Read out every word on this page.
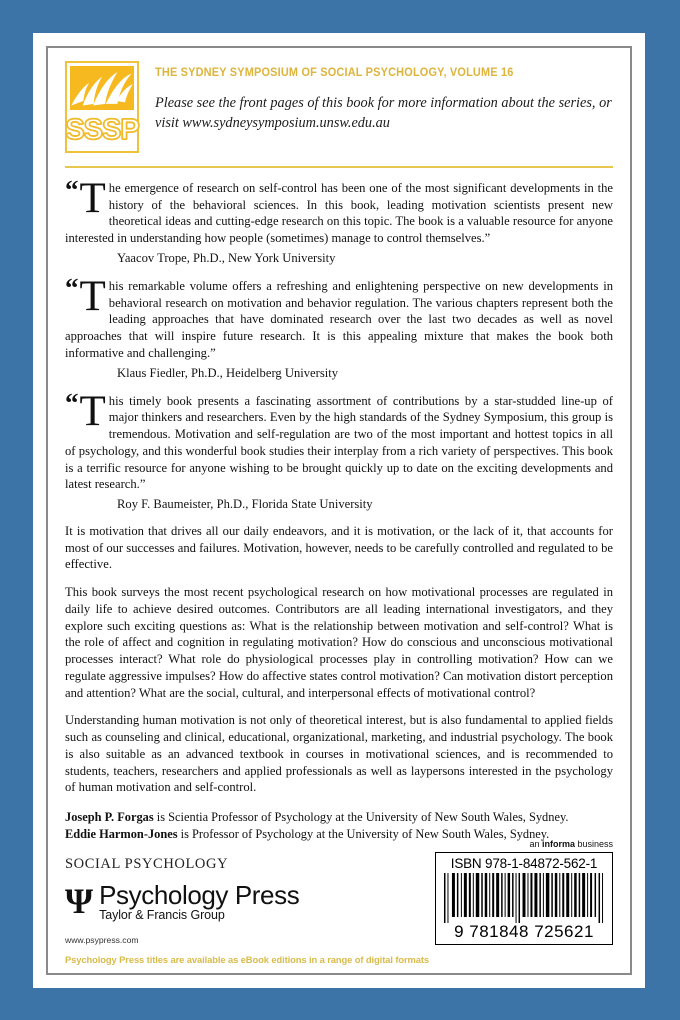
SSSP
THE SYDNEY SYMPOSIUM OF SOCIAL PSYCHOLOGY, VOLUME 16
Please see the front pages of this book for more information about the series, or visit www.sydneysymposium.unsw.edu.au

“ T he emergence of research on self-control has been one of the most significant developments in the history of the behavioral sciences. In this book, leading motivation scientists present new theoretical ideas and cutting-edge research on this topic. The book is a valuable resource for anyone interested in understanding how people (sometimes) manage to control themselves.”

Yaacov Trope, Ph.D., New York University

“ T his remarkable volume offers a refreshing and enlightening perspective on new developments in behavioral research on motivation and behavior regulation. The various chapters represent both the leading approaches that have dominated research over the last two decades as well as novel approaches that will inspire future research. It is this appealing mixture that makes the book both informative and challenging.”

Klaus Fiedler, Ph.D., Heidelberg University

“ T his timely book presents a fascinating assortment of contributions by a star-studded line-up of major thinkers and researchers. Even by the high standards of the Sydney Symposium, this group is tremendous. Motivation and self-regulation are two of the most important and hottest topics in all of psychology, and this wonderful book studies their interplay from a rich variety of perspectives. This book is a terrific resource for anyone wishing to be brought quickly up to date on the exciting developments and latest research.”

Roy F. Baumeister, Ph.D., Florida State University

It is motivation that drives all our daily endeavors, and it is motivation, or the lack of it, that accounts for most of our successes and failures. Motivation, however, needs to be carefully controlled and regulated to be effective.

This book surveys the most recent psychological research on how motivational processes are regulated in daily life to achieve desired outcomes. Contributors are all leading international investigators, and they explore such exciting questions as: What is the relationship between motivation and self-control? What is the role of affect and cognition in regulating motivation? How do conscious and unconscious motivational processes interact? What role do physiological processes play in controlling motivation? How can we regulate aggressive impulses? How do affective states control motivation? Can motivation distort perception and attention? What are the social, cultural, and interpersonal effects of motivational control?

Understanding human motivation is not only of theoretical interest, but is also fundamental to applied fields such as counseling and clinical, educational, organizational, marketing, and industrial psychology. The book is also suitable as an advanced textbook in courses in motivational sciences, and is recommended to students, teachers, researchers and applied professionals as well as laypersons interested in the psychology of human motivation and self-control.

Joseph P. Forgas is Scientia Professor of Psychology at the University of New South Wales, Sydney.
Eddie Harmon-Jones is Professor of Psychology at the University of New South Wales, Sydney.
SOCIAL PSYCHOLOGY
Ψ Psychology Press
Taylor & Francis Group
www.psypress.com
an informa business
ISBN 978-1-84872-562-1
9 781848 725621
Psychology Press titles are available as eBook editions in a range of digital formats
